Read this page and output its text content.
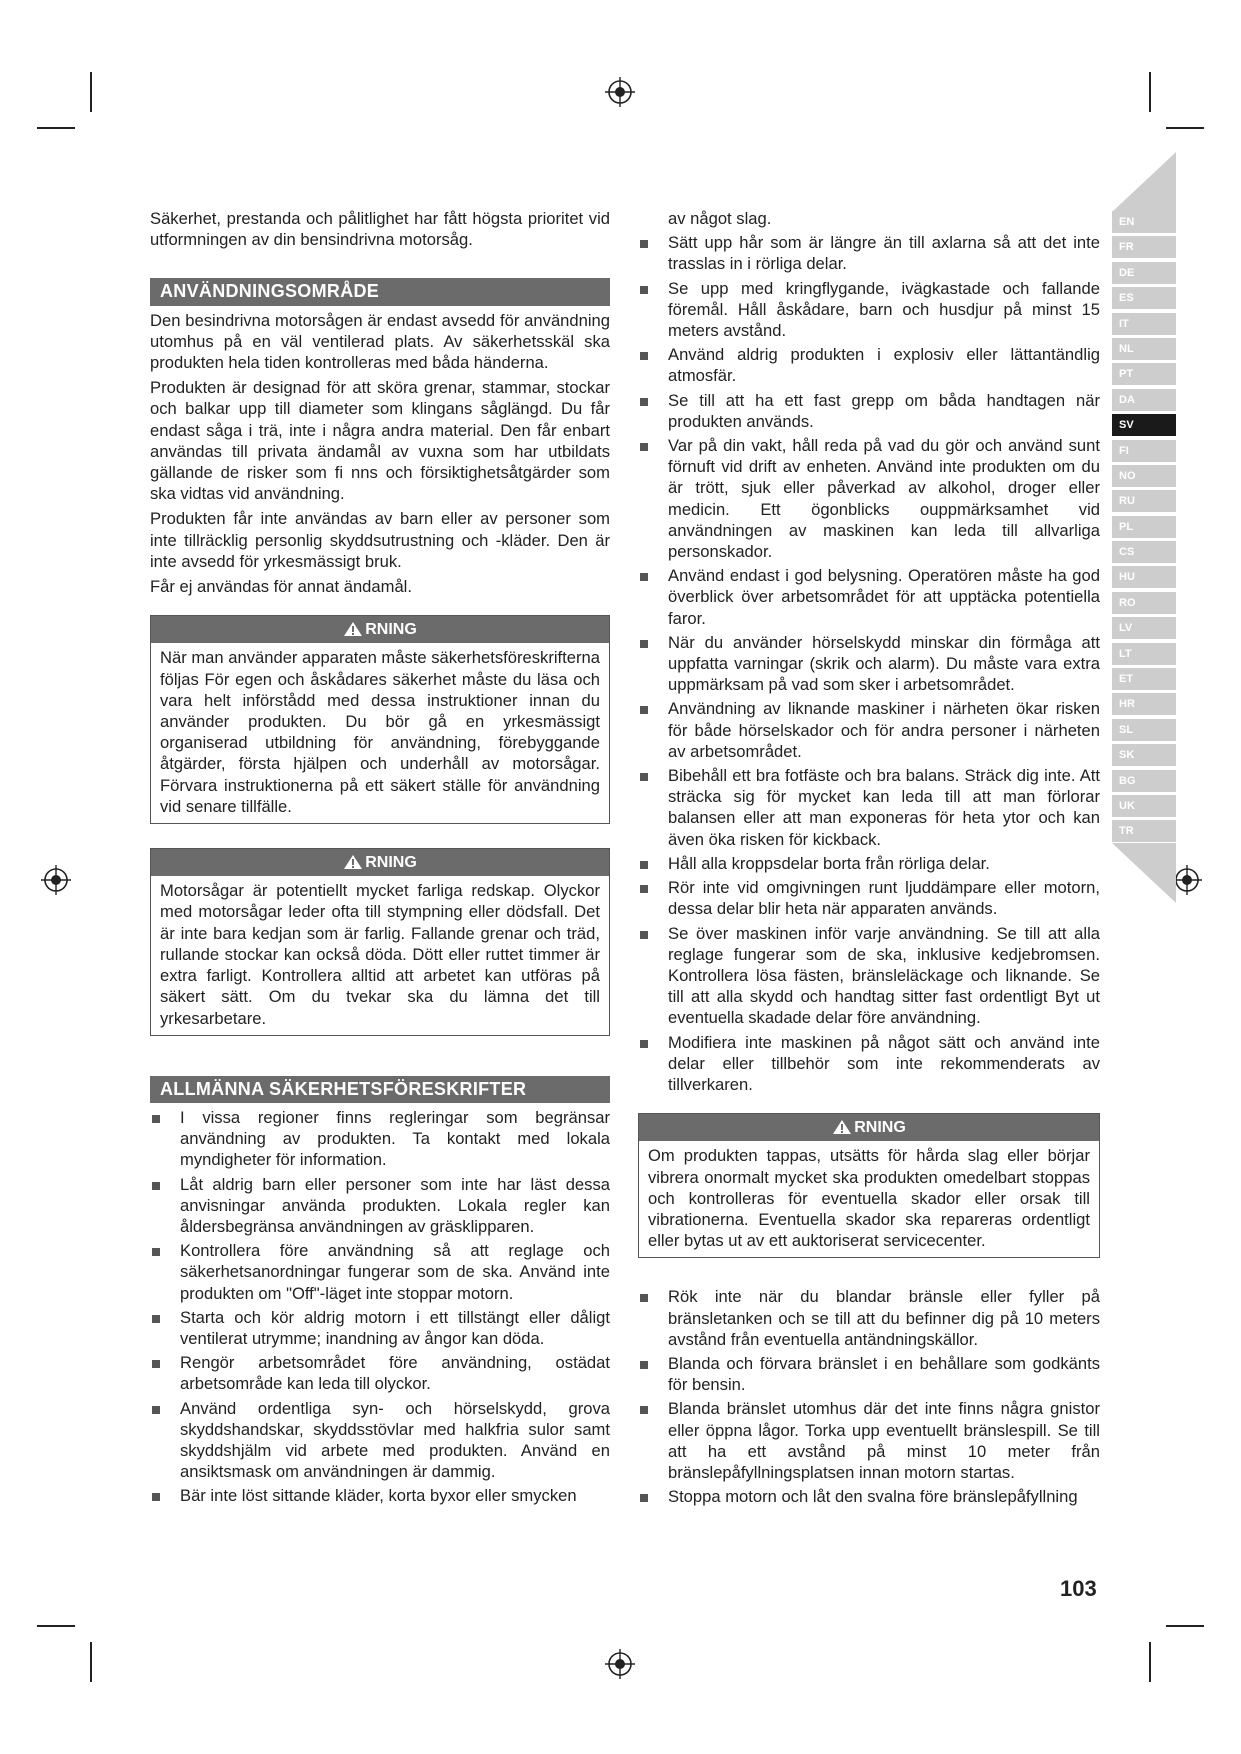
EN
FR
DE
ES
IT
NL
PT
DA
SV
FI
NO
RU
PL
CS
HU
RO
LV
LT
ET
HR
SL
SK
BG
UK
TR

Säkerhet, prestanda och pålitlighet har fått högsta prioritet vid utformningen av din bensindrivna motorsåg.

ANVÄNDNINGSOMRÅDE

Den besindrivna motorsågen är endast avsedd för användning utomhus på en väl ventilerad plats. Av säkerhetsskäl ska produkten hela tiden kontrolleras med båda händerna.

Produkten är designad för att sköra grenar, stammar, stockar och balkar upp till diameter som klingans såglängd. Du får endast såga i trä, inte i några andra material. Den får enbart användas till privata ändamål av vuxna som har utbildats gällande de risker som fi nns och försiktighetsåtgärder som ska vidtas vid användning.

Produkten får inte användas av barn eller av personer som inte tillräcklig personlig skyddsutrustning och -kläder. Den är inte avsedd för yrkesmässigt bruk.

Får ej användas för annat ändamål.

RNING
När man använder apparaten måste säkerhetsföreskrifterna följas För egen och åskådares säkerhet måste du läsa och vara helt införstådd med dessa instruktioner innan du använder produkten. Du bör gå en yrkesmässigt organiserad utbildning för användning, förebyggande åtgärder, första hjälpen och underhåll av motorsågar. Förvara instruktionerna på ett säkert ställe för användning vid senare tillfälle.
RNING
Motorsågar är potentiellt mycket farliga redskap. Olyckor med motorsågar leder ofta till stympning eller dödsfall. Det är inte bara kedjan som är farlig. Fallande grenar och träd, rullande stockar kan också döda. Dött eller ruttet timmer är extra farligt. Kontrollera alltid att arbetet kan utföras på säkert sätt. Om du tvekar ska du lämna det till yrkesarbetare.
ALLMÄNNA SÄKERHETSFÖRESKRIFTER
I vissa regioner finns regleringar som begränsar användning av produkten. Ta kontakt med lokala myndigheter för information.
Låt aldrig barn eller personer som inte har läst dessa anvisningar använda produkten. Lokala regler kan åldersbegränsa användningen av gräsklipparen.
Kontrollera före användning så att reglage och säkerhetsanordningar fungerar som de ska. Använd inte produkten om "Off"-läget inte stoppar motorn.
Starta och kör aldrig motorn i ett tillstängt eller dåligt ventilerat utrymme; inandning av ångor kan döda.
Rengör arbetsområdet före användning, ostädat arbetsområde kan leda till olyckor.
Använd ordentliga syn- och hörselskydd, grova skyddshandskar, skyddsstövlar med halkfria sulor samt skyddshjälm vid arbete med produkten. Använd en ansiktsmask om användningen är dammig.
Bär inte löst sittande kläder, korta byxor eller smycken
av något slag.
Sätt upp hår som är längre än till axlarna så att det inte trasslas in i rörliga delar.
Se upp med kringflygande, ivägkastade och fallande föremål. Håll åskådare, barn och husdjur på minst 15 meters avstånd.
Använd aldrig produkten i explosiv eller lättantändlig atmosfär.
Se till att ha ett fast grepp om båda handtagen när produkten används.
Var på din vakt, håll reda på vad du gör och använd sunt förnuft vid drift av enheten. Använd inte produkten om du är trött, sjuk eller påverkad av alkohol, droger eller medicin. Ett ögonblicks ouppmärksamhet vid användningen av maskinen kan leda till allvarliga personskador.
Använd endast i god belysning. Operatören måste ha god överblick över arbetsområdet för att upptäcka potentiella faror.
När du använder hörselskydd minskar din förmåga att uppfatta varningar (skrik och alarm). Du måste vara extra uppmärksam på vad som sker i arbetsområdet.
Användning av liknande maskiner i närheten ökar risken för både hörselskador och för andra personer i närheten av arbetsområdet.
Bibehåll ett bra fotfäste och bra balans. Sträck dig inte. Att sträcka sig för mycket kan leda till att man förlorar balansen eller att man exponeras för heta ytor och kan även öka risken för kickback.
Håll alla kroppsdelar borta från rörliga delar.
Rör inte vid omgivningen runt ljuddämpare eller motorn, dessa delar blir heta när apparaten används.
Se över maskinen inför varje användning. Se till att alla reglage fungerar som de ska, inklusive kedjebromsen. Kontrollera lösa fästen, bränsleläckage och liknande. Se till att alla skydd och handtag sitter fast ordentligt Byt ut eventuella skadade delar före användning.
Modifiera inte maskinen på något sätt och använd inte delar eller tillbehör som inte rekommenderats av tillverkaren.
RNING
Om produkten tappas, utsätts för hårda slag eller börjar vibrera onormalt mycket ska produkten omedelbart stoppas och kontrolleras för eventuella skador eller orsak till vibrationerna. Eventuella skador ska repareras ordentligt eller bytas ut av ett auktoriserat servicecenter.
Rök inte när du blandar bränsle eller fyller på bränsletanken och se till att du befinner dig på 10 meters avstånd från eventuella antändningskällor.
Blanda och förvara bränslet i en behållare som godkänts för bensin.
Blanda bränslet utomhus där det inte finns några gnistor eller öppna lågor. Torka upp eventuellt bränslespill. Se till att ha ett avstånd på minst 10 meter från bränslepåfyllningsplatsen innan motorn startas.
Stoppa motorn och låt den svalna före bränslepåfyllning
103
